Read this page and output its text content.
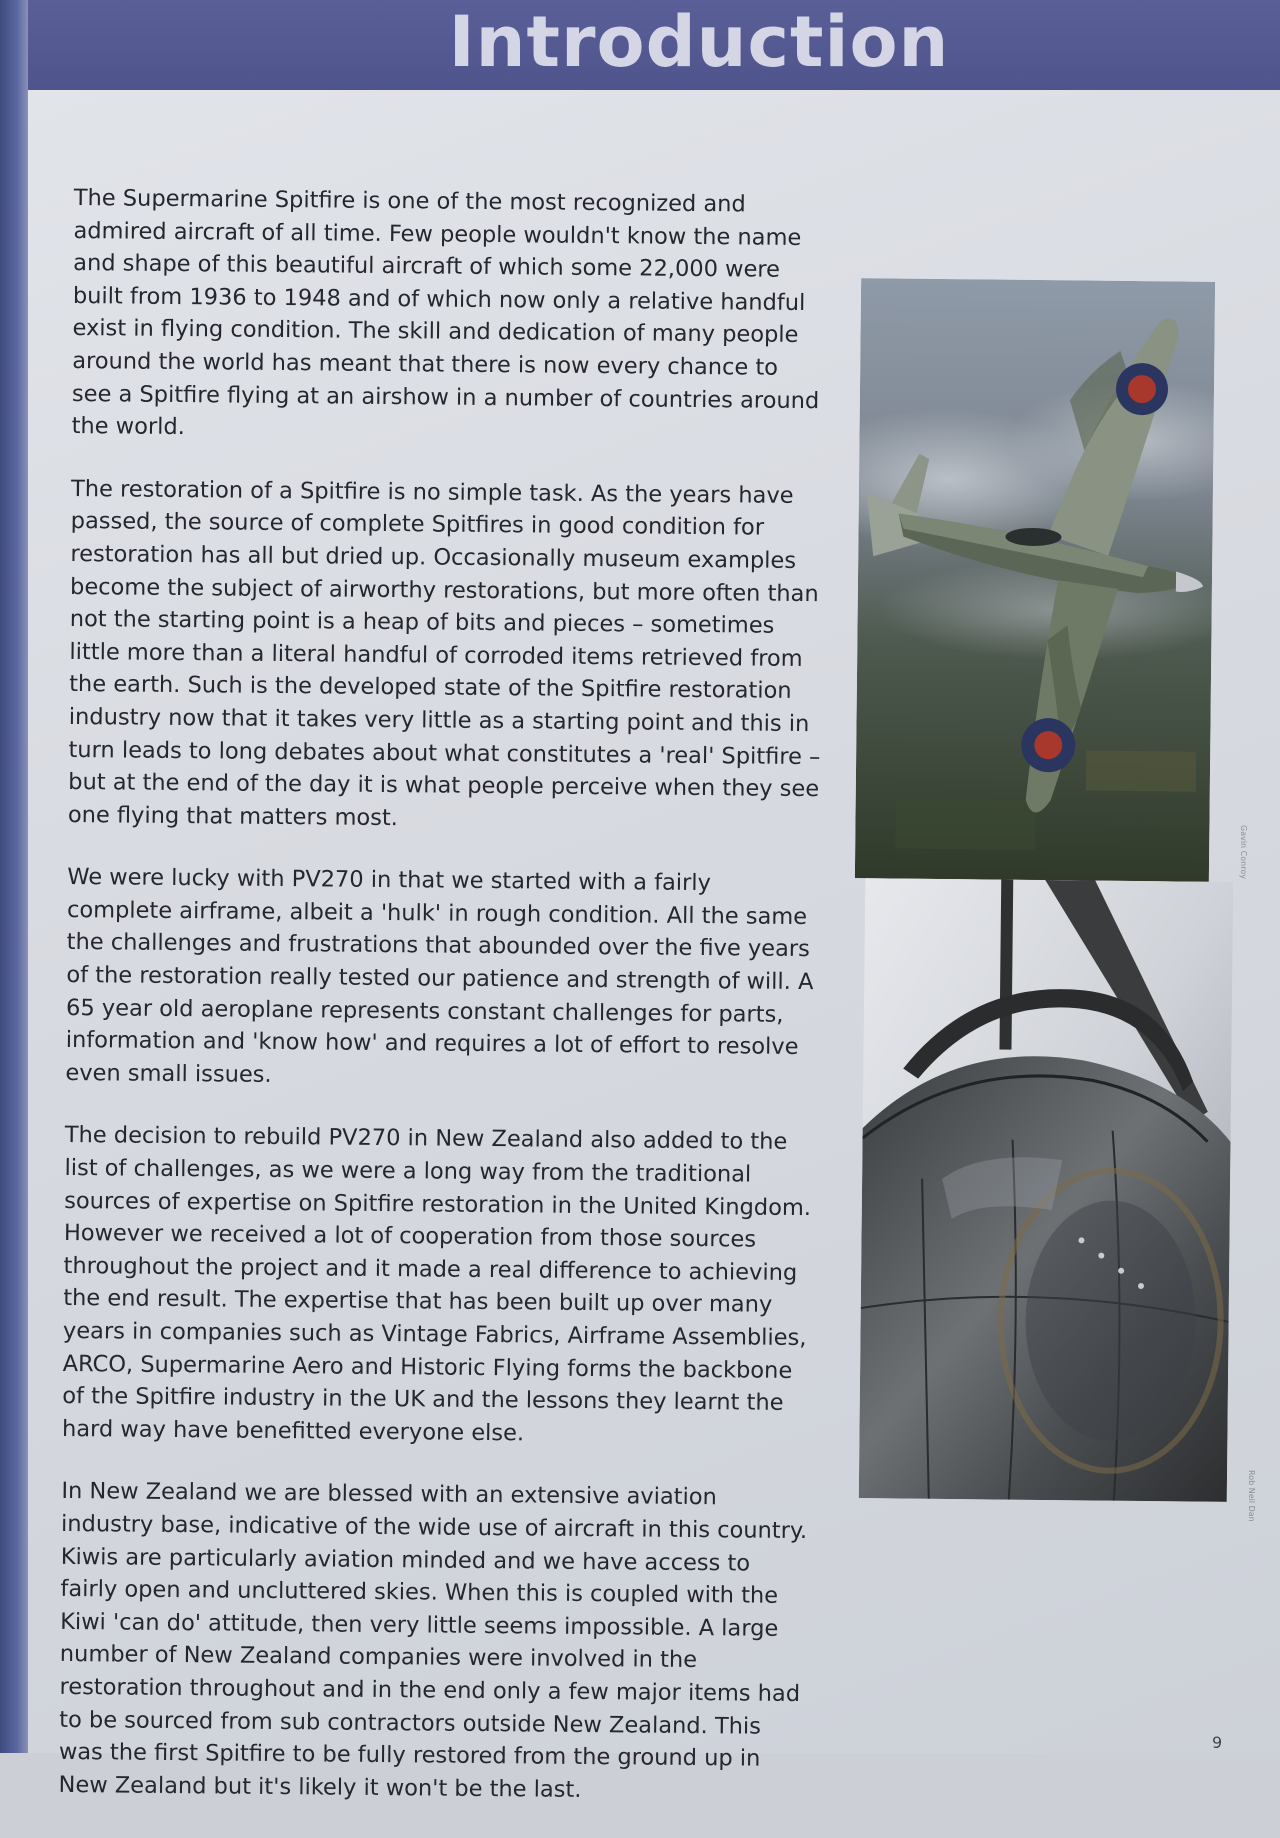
Introduction

The Supermarine Spitfire is one of the most recognized and admired aircraft of all time. Few people wouldn't know the name and shape of this beautiful aircraft of which some 22,000 were built from 1936 to 1948 and of which now only a relative handful exist in flying condition. The skill and dedication of many people around the world has meant that there is now every chance to see a Spitfire flying at an airshow in a number of countries around the world.

The restoration of a Spitfire is no simple task. As the years have passed, the source of complete Spitfires in good condition for restoration has all but dried up. Occasionally museum examples become the subject of airworthy restorations, but more often than not the starting point is a heap of bits and pieces – sometimes little more than a literal handful of corroded items retrieved from the earth. Such is the developed state of the Spitfire restoration industry now that it takes very little as a starting point and this in turn leads to long debates about what constitutes a 'real' Spitfire – but at the end of the day it is what people perceive when they see one flying that matters most.

We were lucky with PV270 in that we started with a fairly complete airframe, albeit a 'hulk' in rough condition. All the same the challenges and frustrations that abounded over the five years of the restoration really tested our patience and strength of will. A 65 year old aeroplane represents constant challenges for parts, information and 'know how' and requires a lot of effort to resolve even small issues.

The decision to rebuild PV270 in New Zealand also added to the list of challenges, as we were a long way from the traditional sources of expertise on Spitfire restoration in the United Kingdom. However we received a lot of cooperation from those sources throughout the project and it made a real difference to achieving the end result. The expertise that has been built up over many years in companies such as Vintage Fabrics, Airframe Assemblies, ARCO, Supermarine Aero and Historic Flying forms the backbone of the Spitfire industry in the UK and the lessons they learnt the hard way have benefitted everyone else.

In New Zealand we are blessed with an extensive aviation industry base, indicative of the wide use of aircraft in this country. Kiwis are particularly aviation minded and we have access to fairly open and uncluttered skies. When this is coupled with the Kiwi 'can do' attitude, then very little seems impossible. A large number of New Zealand companies were involved in the restoration throughout and in the end only a few major items had to be sourced from sub contractors outside New Zealand. This was the first Spitfire to be fully restored from the ground up in New Zealand but it's likely it won't be the last.

Gavin Conroy
Rob Neil Dan
9
